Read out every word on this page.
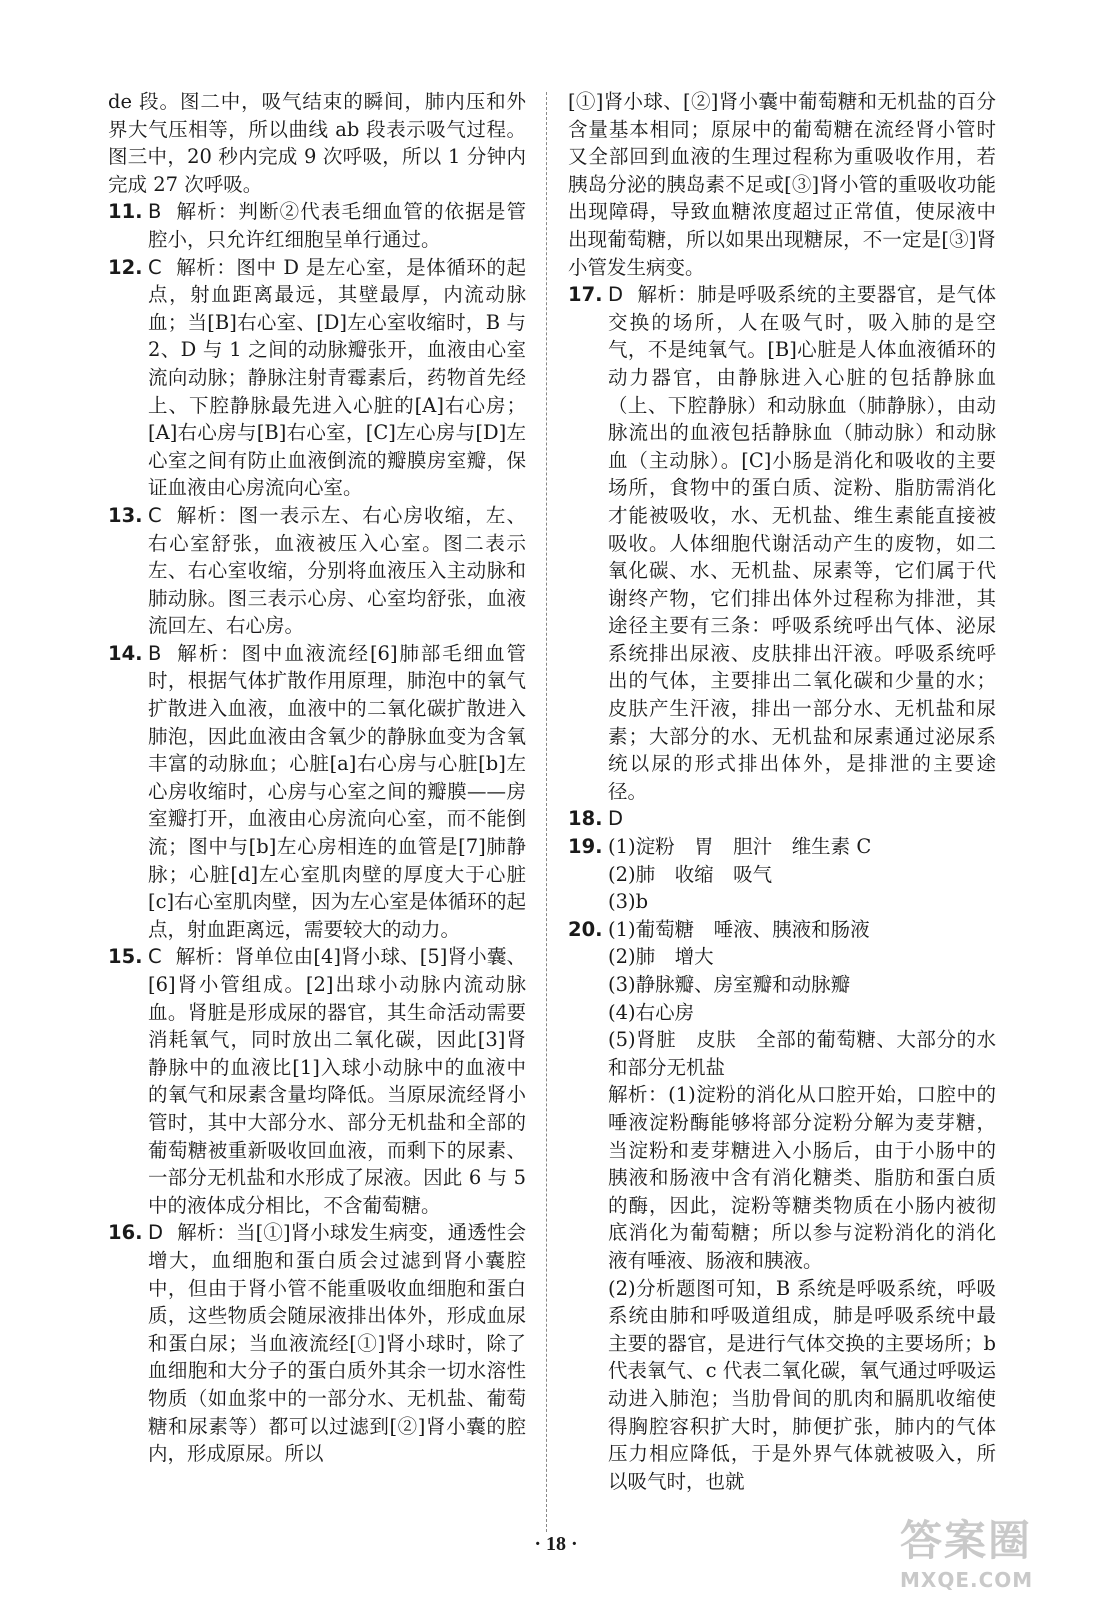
de 段。图二中，吸气结束的瞬间，肺内压和外界大气压相等，所以曲线 ab 段表示吸气过程。图三中，20 秒内完成 9 次呼吸，所以 1 分钟内完成 27 次呼吸。
11. B 解析：判断②代表毛细血管的依据是管腔小，只允许红细胞呈单行通过。
12. C 解析：图中 D 是左心室，是体循环的起点，射血距离最远，其壁最厚，内流动脉血；当[B]右心室、[D]左心室收缩时，B 与 2、D 与 1 之间的动脉瓣张开，血液由心室流向动脉；静脉注射青霉素后，药物首先经上、下腔静脉最先进入心脏的[A]右心房；[A]右心房与[B]右心室，[C]左心房与[D]左心室之间有防止血液倒流的瓣膜房室瓣，保证血液由心房流向心室。
13. C 解析：图一表示左、右心房收缩，左、右心室舒张，血液被压入心室。图二表示左、右心室收缩，分别将血液压入主动脉和肺动脉。图三表示心房、心室均舒张，血液流回左、右心房。
14. B 解析：图中血液流经[6]肺部毛细血管时，根据气体扩散作用原理，肺泡中的氧气扩散进入血液，血液中的二氧化碳扩散进入肺泡，因此血液由含氧少的静脉血变为含氧丰富的动脉血；心脏[a]右心房与心脏[b]左心房收缩时，心房与心室之间的瓣膜——房室瓣打开，血液由心房流向心室，而不能倒流；图中与[b]左心房相连的血管是[7]肺静脉；心脏[d]左心室肌肉壁的厚度大于心脏[c]右心室肌肉壁，因为左心室是体循环的起点，射血距离远，需要较大的动力。
15. C 解析：肾单位由[4]肾小球、[5]肾小囊、[6]肾小管组成。[2]出球小动脉内流动脉血。肾脏是形成尿的器官，其生命活动需要消耗氧气，同时放出二氧化碳，因此[3]肾静脉中的血液比[1]入球小动脉中的血液中的氧气和尿素含量均降低。当原尿流经肾小管时，其中大部分水、部分无机盐和全部的葡萄糖被重新吸收回血液，而剩下的尿素、一部分无机盐和水形成了尿液。因此 6 与 5 中的液体成分相比，不含葡萄糖。
16. D 解析：当[①]肾小球发生病变，通透性会增大，血细胞和蛋白质会过滤到肾小囊腔中，但由于肾小管不能重吸收血细胞和蛋白质，这些物质会随尿液排出体外，形成血尿和蛋白尿；当血液流经[①]肾小球时，除了血细胞和大分子的蛋白质外其余一切水溶性物质（如血浆中的一部分水、无机盐、葡萄糖和尿素等）都可以过滤到[②]肾小囊的腔内，形成原尿。所以
[①]肾小球、[②]肾小囊中葡萄糖和无机盐的百分含量基本相同；原尿中的葡萄糖在流经肾小管时又全部回到血液的生理过程称为重吸收作用，若胰岛分泌的胰岛素不足或[③]肾小管的重吸收功能出现障碍，导致血糖浓度超过正常值，使尿液中出现葡萄糖，所以如果出现糖尿，不一定是[③]肾小管发生病变。
17. D 解析：肺是呼吸系统的主要器官，是气体交换的场所，人在吸气时，吸入肺的是空气，不是纯氧气。[B]心脏是人体血液循环的动力器官，由静脉进入心脏的包括静脉血（上、下腔静脉）和动脉血（肺静脉），由动脉流出的血液包括静脉血（肺动脉）和动脉血（主动脉）。[C]小肠是消化和吸收的主要场所，食物中的蛋白质、淀粉、脂肪需消化才能被吸收，水、无机盐、维生素能直接被吸收。人体细胞代谢活动产生的废物，如二氧化碳、水、无机盐、尿素等，它们属于代谢终产物，它们排出体外过程称为排泄，其途径主要有三条：呼吸系统呼出气体、泌尿系统排出尿液、皮肤排出汗液。呼吸系统呼出的气体，主要排出二氧化碳和少量的水；皮肤产生汗液，排出一部分水、无机盐和尿素；大部分的水、无机盐和尿素通过泌尿系统以尿的形式排出体外，是排泄的主要途径。
18. D
19. (1)淀粉　胃　胆汁　维生素 C
(2)肺　收缩　吸气
(3)b
20. (1)葡萄糖　唾液、胰液和肠液
(2)肺　增大
(3)静脉瓣、房室瓣和动脉瓣
(4)右心房
(5)肾脏　皮肤　全部的葡萄糖、大部分的水和部分无机盐
解析：(1)淀粉的消化从口腔开始，口腔中的唾液淀粉酶能够将部分淀粉分解为麦芽糖，当淀粉和麦芽糖进入小肠后，由于小肠中的胰液和肠液中含有消化糖类、脂肪和蛋白质的酶，因此，淀粉等糖类物质在小肠内被彻底消化为葡萄糖；所以参与淀粉消化的消化液有唾液、肠液和胰液。
(2)分析题图可知，B 系统是呼吸系统，呼吸系统由肺和呼吸道组成，肺是呼吸系统中最主要的器官，是进行气体交换的主要场所；b 代表氧气、c 代表二氧化碳，氧气通过呼吸运动进入肺泡；当肋骨间的肌肉和膈肌收缩使得胸腔容积扩大时，肺便扩张，肺内的气体压力相应降低，于是外界气体就被吸入，所以吸气时，也就
· 18 ·	答案圈
MXQE.COM
